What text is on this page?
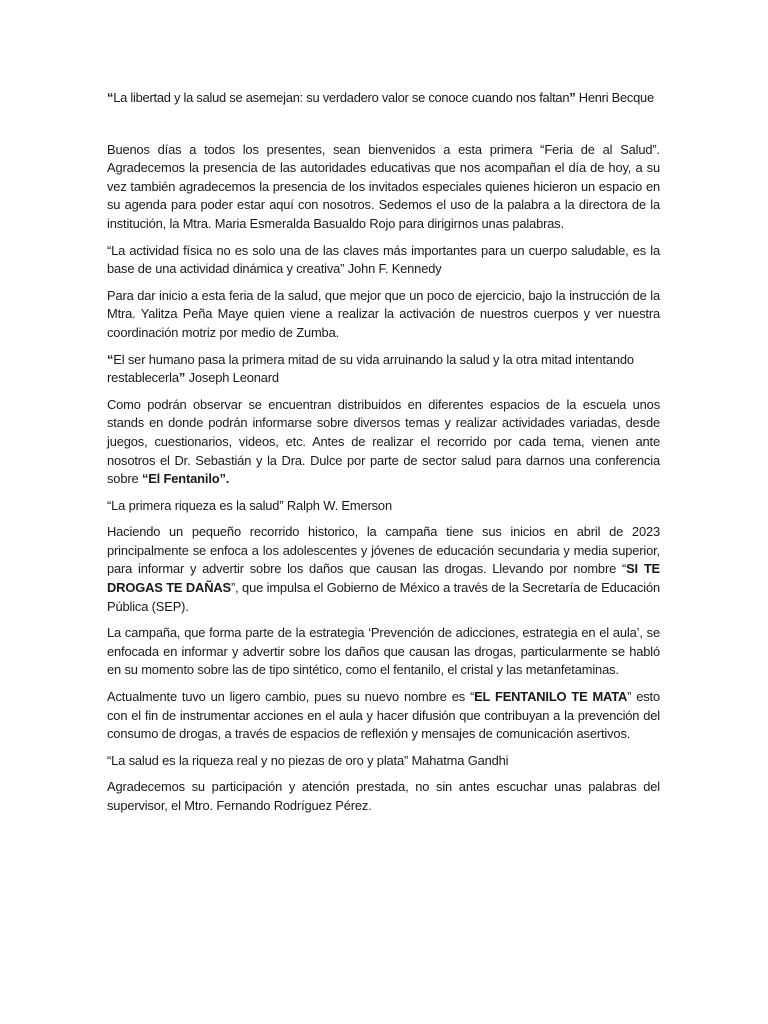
“La libertad y la salud se asemejan: su verdadero valor se conoce cuando nos faltan” Henri Becque

Buenos días a todos los presentes, sean bienvenidos a esta primera “Feria de al Salud”. Agradecemos la presencia de las autoridades educativas que nos acompañan el día de hoy, a su vez también agradecemos la presencia de los invitados especiales quienes hicieron un espacio en su agenda para poder estar aquí con nosotros. Sedemos el uso de la palabra a la directora de la institución, la Mtra. Maria Esmeralda Basualdo Rojo para dirigirnos unas palabras.

“La actividad física no es solo una de las claves más importantes para un cuerpo saludable, es la base de una actividad dinámica y creativa” John F. Kennedy

Para dar inicio a esta feria de la salud, que mejor que un poco de ejercicio, bajo la instrucción de la Mtra. Yalitza Peña Maye quien viene a realizar la activación de nuestros cuerpos y ver nuestra coordinación motriz por medio de Zumba.

“El ser humano pasa la primera mitad de su vida arruinando la salud y la otra mitad intentando restablecerla” Joseph Leonard

Como podrán observar se encuentran distribuidos en diferentes espacios de la escuela unos stands en donde podrán informarse sobre diversos temas y realizar actividades variadas, desde juegos, cuestionarios, videos, etc. Antes de realizar el recorrido por cada tema, vienen ante nosotros el Dr. Sebastián y la Dra. Dulce por parte de sector salud para darnos una conferencia sobre “El Fentanilo”.

“La primera riqueza es la salud” Ralph W. Emerson

Haciendo un pequeño recorrido historico, la campaña tiene sus inicios en abril de 2023 principalmente se enfoca a los adolescentes y jóvenes de educación secundaria y media superior, para informar y advertir sobre los daños que causan las drogas. Llevando por nombre “SI TE DROGAS TE DAÑAS”, que impulsa el Gobierno de México a través de la Secretaría de Educación Pública (SEP).

La campaña, que forma parte de la estrategia ‘Prevención de adicciones, estrategia en el aula’, se enfocada en informar y advertir sobre los daños que causan las drogas, particularmente se habló en su momento sobre las de tipo sintético, como el fentanilo, el cristal y las metanfetaminas.

Actualmente tuvo un ligero cambio, pues su nuevo nombre es “EL FENTANILO TE MATA” esto con el fin de instrumentar acciones en el aula y hacer difusión que contribuyan a la prevención del consumo de drogas, a través de espacios de reflexión y mensajes de comunicación asertivos.

“La salud es la riqueza real y no piezas de oro y plata” Mahatma Gandhi

Agradecemos su participación y atención prestada, no sin antes escuchar unas palabras del supervisor, el Mtro. Fernando Rodríguez Pérez.
